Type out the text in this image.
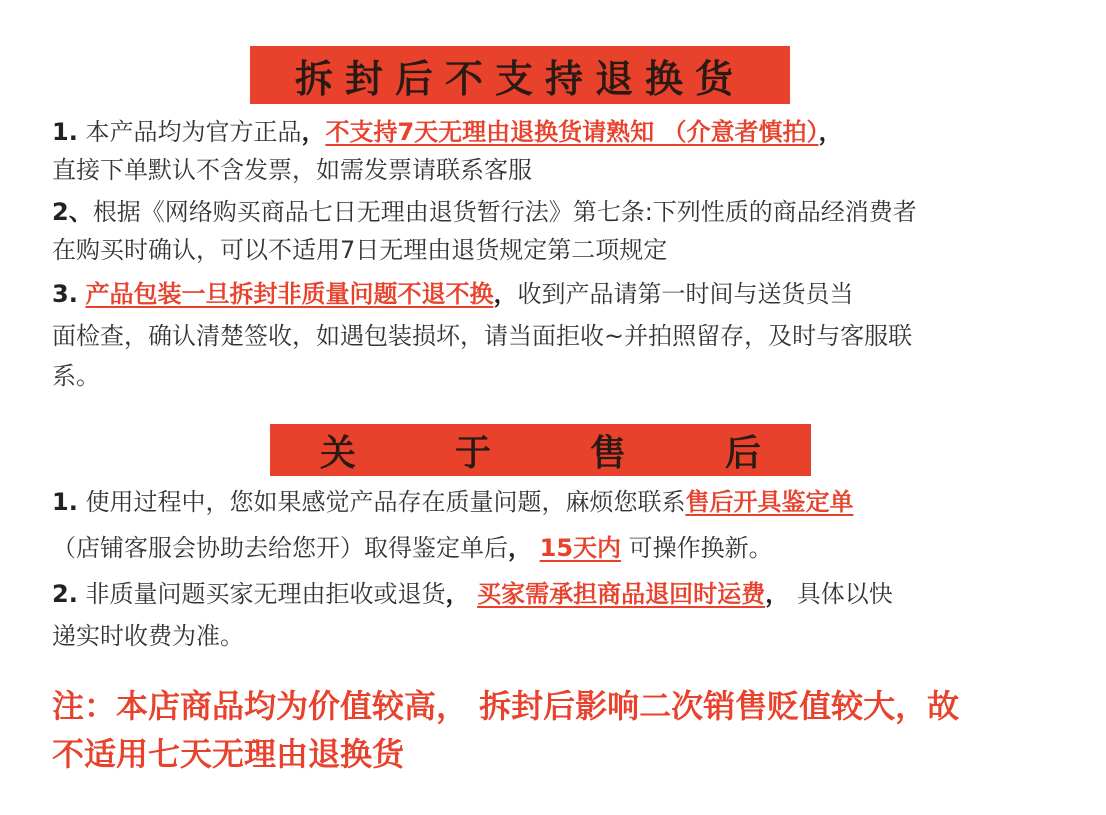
拆封后不支持退换货
1. 本产品均为官方正品，不支持7天无理由退换货请熟知 （介意者慎拍），
直接下单默认不含发票，如需发票请联系客服
2、根据《网络购买商品七日无理由退货暂行法》第七条:下列性质的商品经消费者
在购买时确认，可以不适用7日无理由退货规定第二项规定
3. 产品包装一旦拆封非质量问题不退不换，收到产品请第一时间与送货员当
面检查，确认清楚签收，如遇包装损坏，请当面拒收~并拍照留存，及时与客服联
系。
关	于	售	后
1. 使用过程中，您如果感觉产品存在质量问题，麻烦您联系售后开具鉴定单
（店铺客服会协助去给您开）取得鉴定单后， 15天内 可操作换新。
2. 非质量问题买家无理由拒收或退货， 买家需承担商品退回时运费， 具体以快
递实时收费为准。
注：本店商品均为价值较高， 拆封后影响二次销售贬值较大，故
不适用七天无理由退换货
